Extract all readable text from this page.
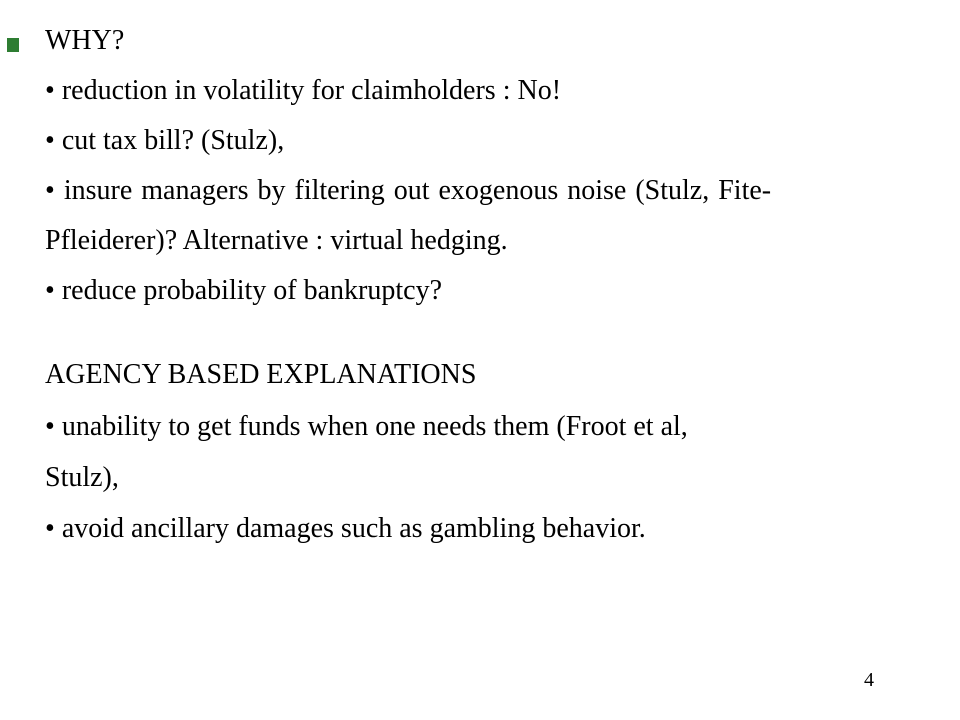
WHY?
• reduction in volatility for claimholders : No!
• cut tax bill? (Stulz),
• insure managers by filtering out exogenous noise (Stulz, Fite-
Pfleiderer)? Alternative : virtual hedging.
• reduce probability of bankruptcy?
AGENCY BASED EXPLANATIONS
• unability to get funds when one needs them (Froot et al,
Stulz),
• avoid ancillary damages such as gambling behavior.
4
